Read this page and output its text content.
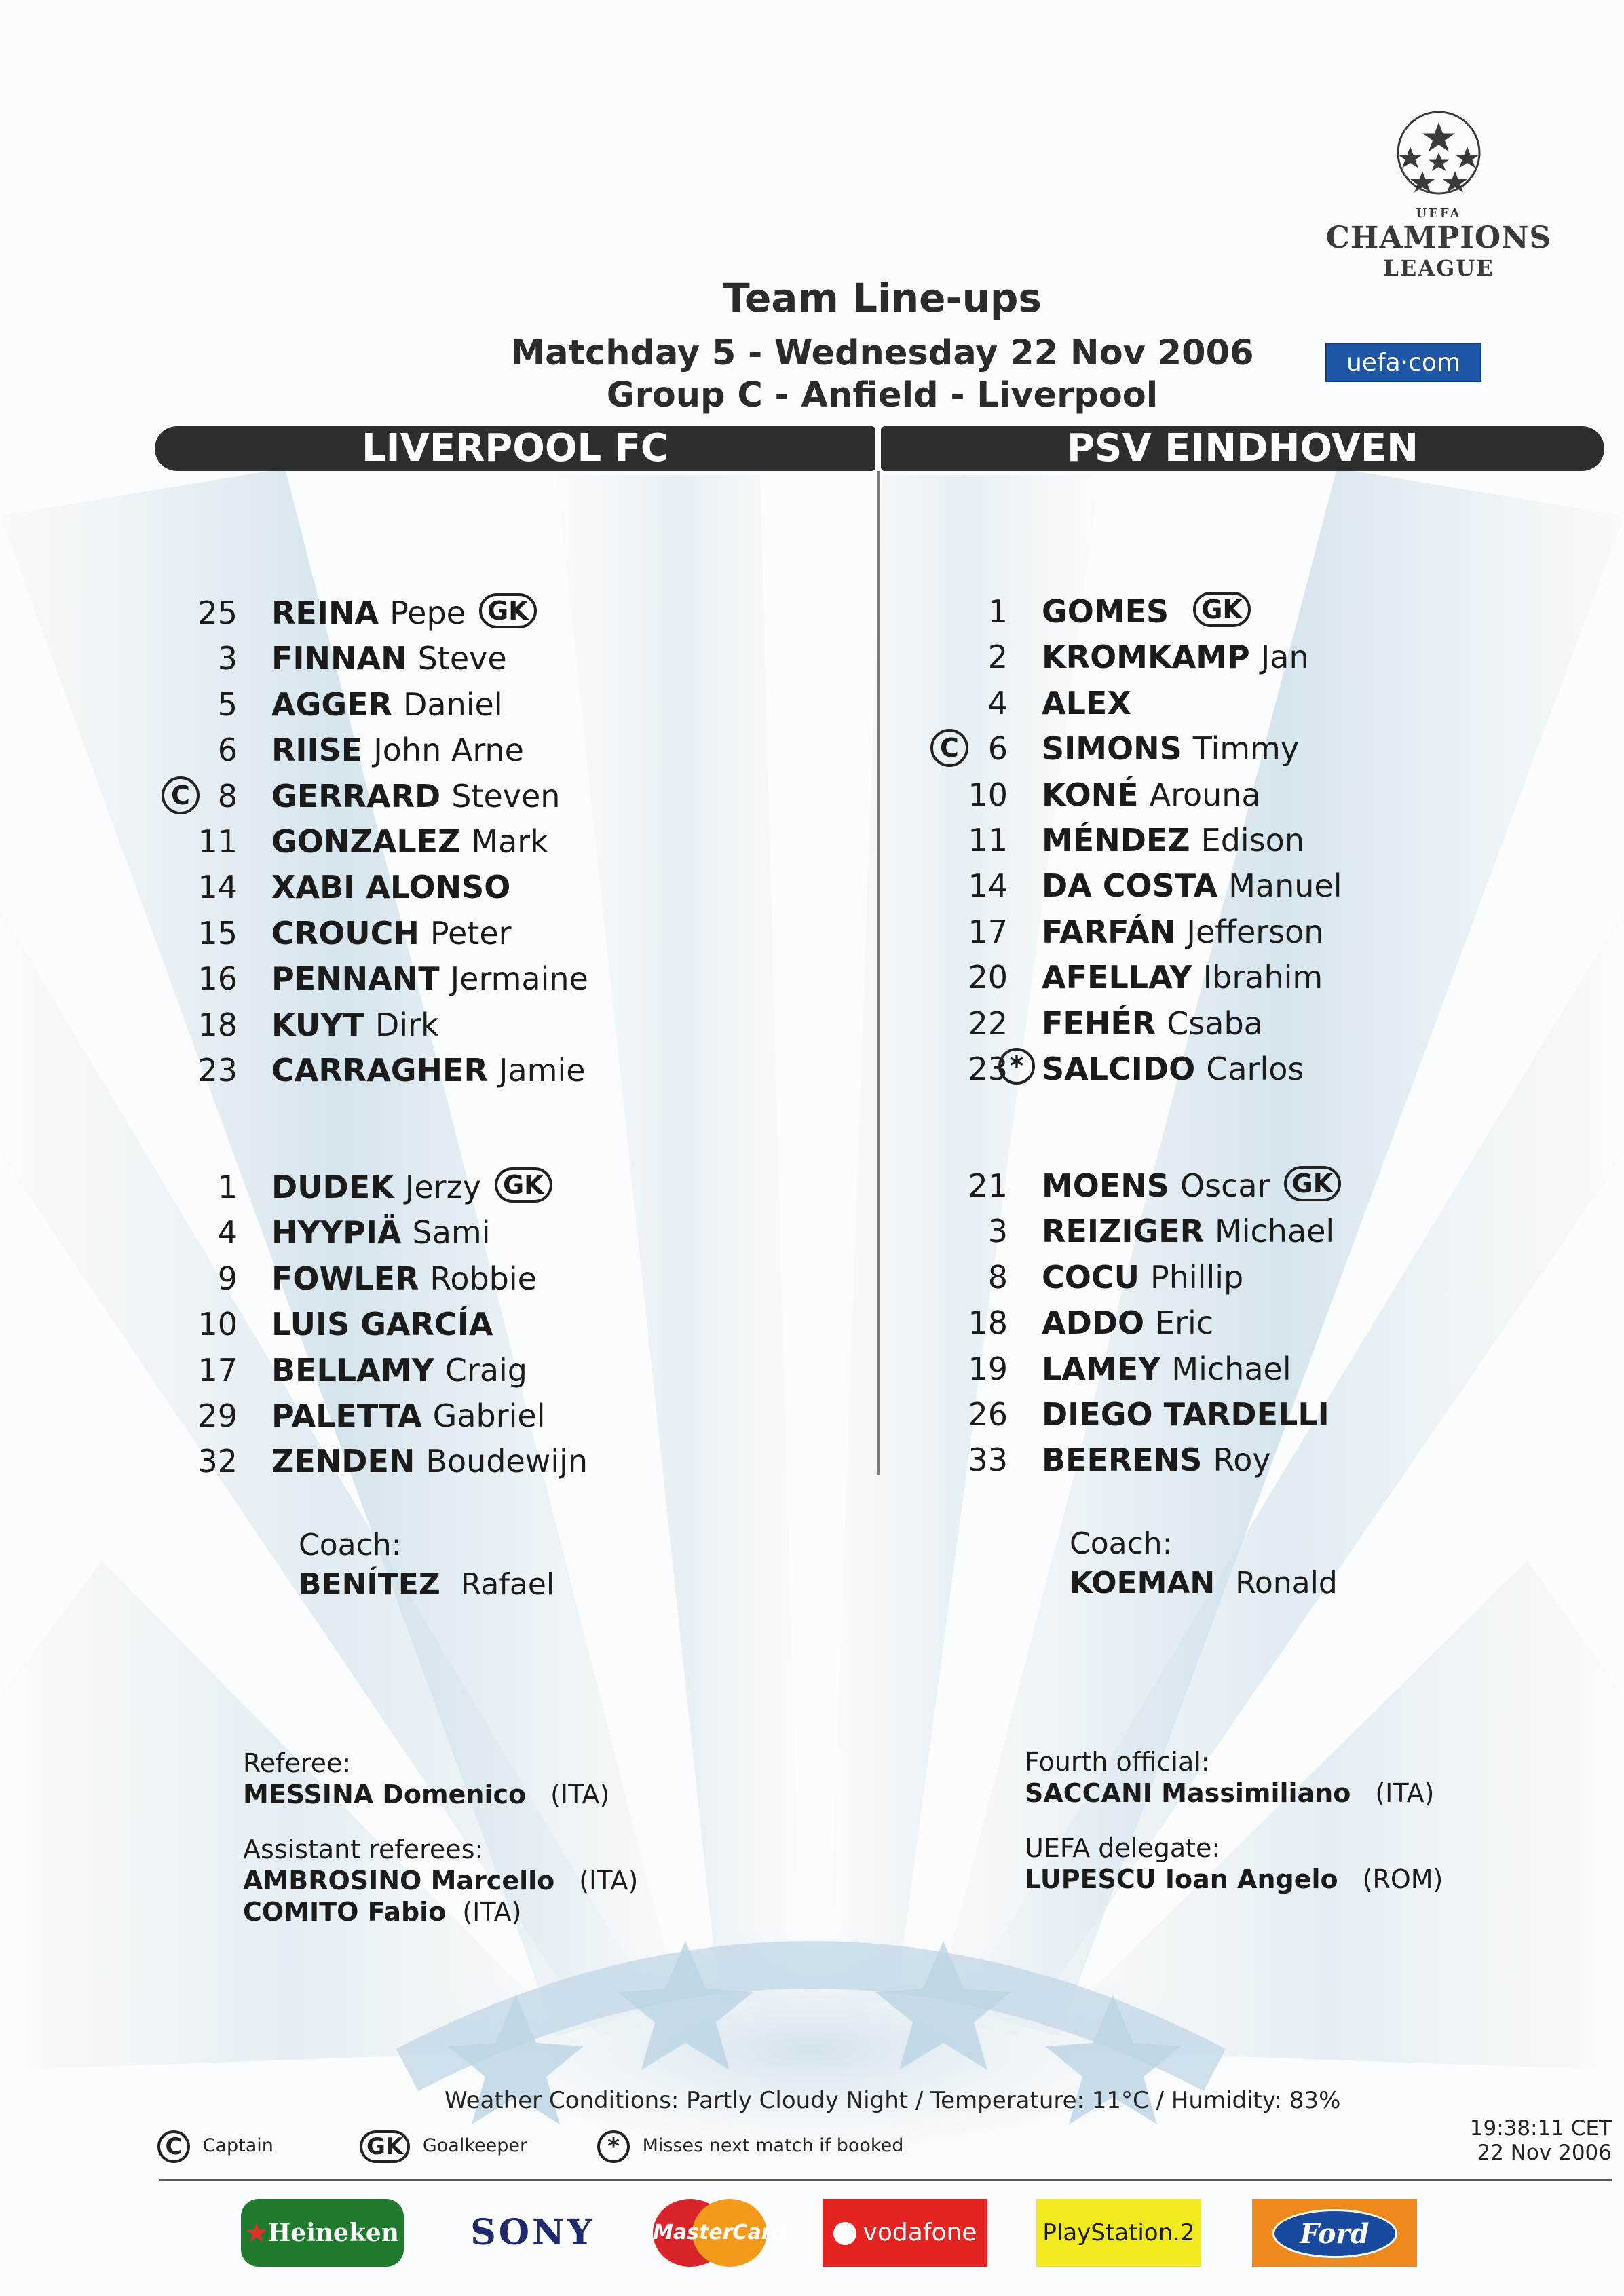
Team Line-ups
Matchday 5 - Wednesday 22 Nov 2006
Group C - Anfield - Liverpool
UEFA
CHAMPIONS
LEAGUE
uefa·com
LIVERPOOL FC	PSV EINDHOVEN
25 REINA Pepe GK
3 FINNAN Steve
5 AGGER Daniel
6 RIISE John Arne
C 8 GERRARD Steven
11 GONZALEZ Mark
14 XABI ALONSO
15 CROUCH Peter
16 PENNANT Jermaine
18 KUYT Dirk
23 CARRAGHER Jamie
1 DUDEK Jerzy GK
4 HYYPIÄ Sami
9 FOWLER Robbie
10 LUIS GARCÍA
17 BELLAMY Craig
29 PALETTA Gabriel
32 ZENDEN Boudewijn
1 GOMES GK
2 KROMKAMP Jan
4 ALEX
C 6 SIMONS Timmy
10 KONÉ Arouna
11 MÉNDEZ Edison
14 DA COSTA Manuel
17 FARFÁN Jefferson
20 AFELLAY Ibrahim
22 FEHÉR Csaba
23 * SALCIDO Carlos
21 MOENS Oscar GK
3 REIZIGER Michael
8 COCU Phillip
18 ADDO Eric
19 LAMEY Michael
26 DIEGO TARDELLI
33 BEERENS Roy
Coach:
BENÍTEZ Rafael
Coach:
KOEMAN Ronald
Referee:
MESSINA Domenico (ITA)
Assistant referees:
AMBROSINO Marcello (ITA)
COMITO Fabio (ITA)
Fourth official:
SACCANI Massimiliano (ITA)
UEFA delegate:
LUPESCU Ioan Angelo (ROM)
Weather Conditions: Partly Cloudy Night / Temperature: 11°C / Humidity: 83%
19:38:11 CET
22 Nov 2006
C Captain	GK Goalkeeper	* Misses next match if booked
★Heineken	SONY	MasterCard	vodafone	PlayStation.2	Ford
